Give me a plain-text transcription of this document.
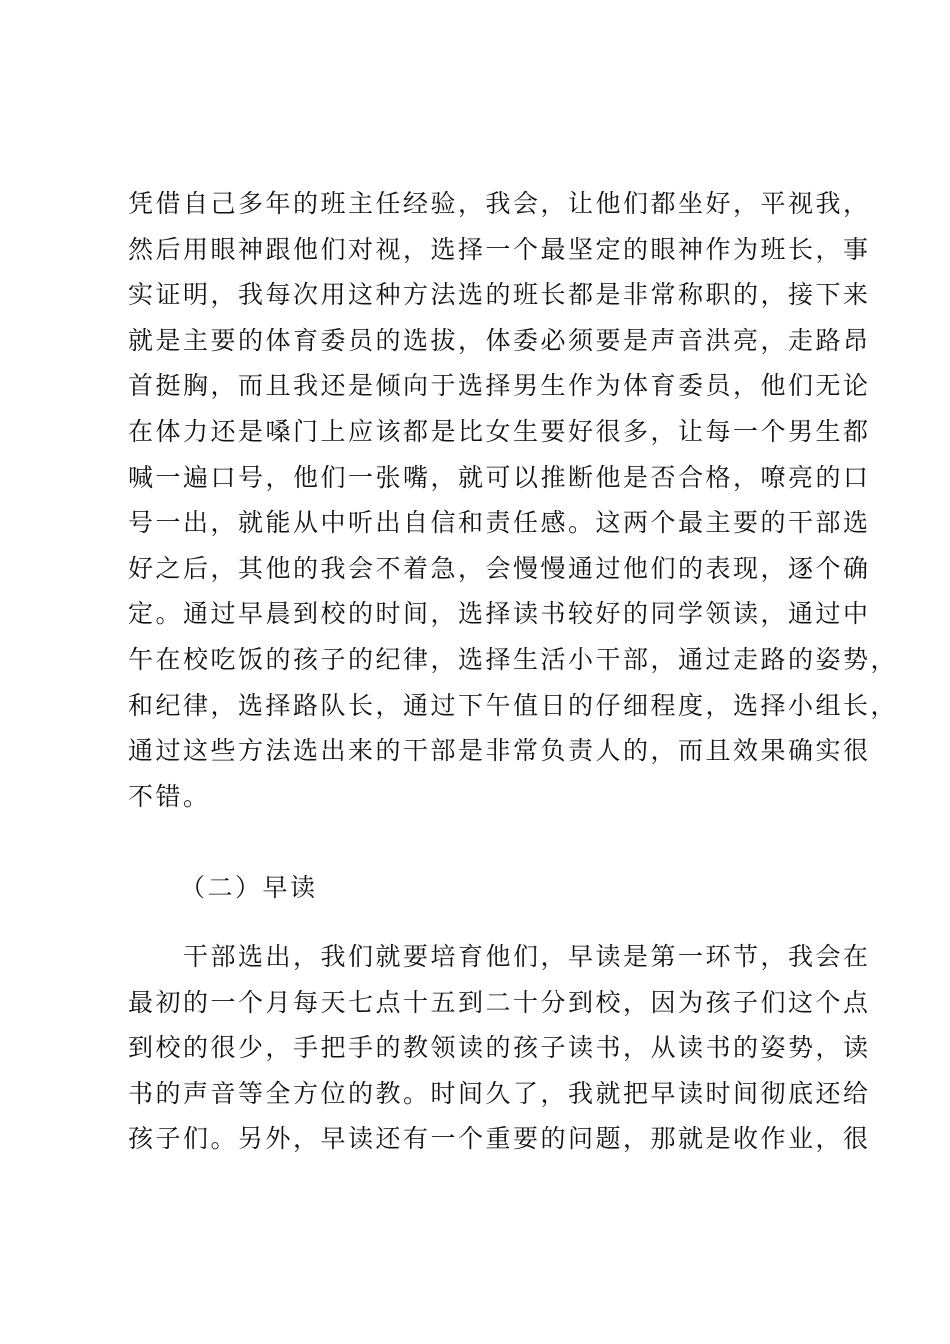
凭借自己多年的班主任经验，我会，让他们都坐好，平视我，
然后用眼神跟他们对视，选择一个最坚定的眼神作为班长，事
实证明，我每次用这种方法选的班长都是非常称职的，接下来
就是主要的体育委员的选拔，体委必须要是声音洪亮，走路昂
首挺胸，而且我还是倾向于选择男生作为体育委员，他们无论
在体力还是嗓门上应该都是比女生要好很多，让每一个男生都
喊一遍口号，他们一张嘴，就可以推断他是否合格，嘹亮的口
号一出，就能从中听出自信和责任感。这两个最主要的干部选
好之后，其他的我会不着急，会慢慢通过他们的表现，逐个确
定。通过早晨到校的时间，选择读书较好的同学领读，通过中
午在校吃饭的孩子的纪律，选择生活小干部，通过走路的姿势，
和纪律，选择路队长，通过下午值日的仔细程度，选择小组长，
通过这些方法选出来的干部是非常负责人的，而且效果确实很
不错。
（二）早读
　　干部选出，我们就要培育他们，早读是第一环节，我会在
最初的一个月每天七点十五到二十分到校，因为孩子们这个点
到校的很少，手把手的教领读的孩子读书，从读书的姿势，读
书的声音等全方位的教。时间久了，我就把早读时间彻底还给
孩子们。另外，早读还有一个重要的问题，那就是收作业，很
